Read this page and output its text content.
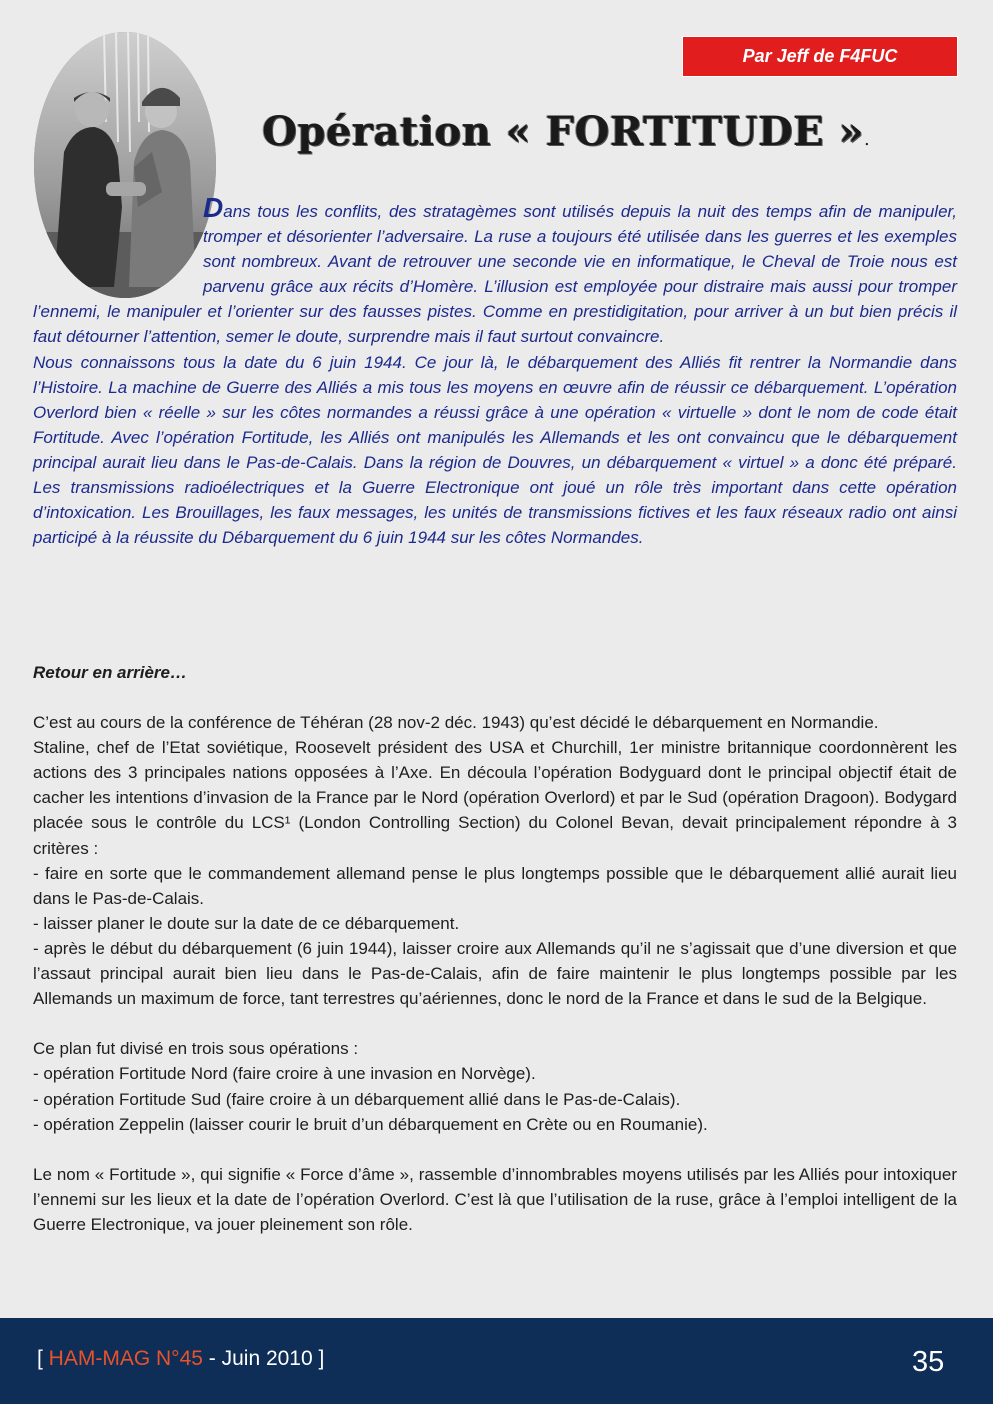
Par Jeff de F4FUC
Opération « FORTITUDE ».

Dans tous les conflits, des stratagèmes sont utilisés depuis la nuit des temps afin de manipuler, tromper et désorienter l’adversaire. La ruse a toujours été utilisée dans les guerres et les exemples sont nombreux. Avant de retrouver une seconde vie en informatique, le Cheval de Troie nous est parvenu grâce aux récits d’Homère. L’illusion est employée pour distraire mais aussi pour tromper l’ennemi, le manipuler et l’orienter sur des fausses pistes. Comme en prestidigitation, pour arriver à un but bien précis il faut détourner l’attention, semer le doute, surprendre mais il faut surtout convaincre.

Nous connaissons tous la date du 6 juin 1944. Ce jour là, le débarquement des Alliés fit rentrer la Normandie dans l’Histoire. La machine de Guerre des Alliés a mis tous les moyens en œuvre afin de réussir ce débarquement. L’opération Overlord bien « réelle » sur les côtes normandes a réussi grâce à une opération « virtuelle » dont le nom de code était Fortitude. Avec l’opération Fortitude, les Alliés ont manipulés les Allemands et les ont convaincu que le débarquement principal aurait lieu dans le Pas-de-Calais. Dans la région de Douvres, un débarquement « virtuel » a donc été préparé. Les transmissions radioélectriques et la Guerre Electronique ont joué un rôle très important dans cette opération d’intoxication. Les Brouillages, les faux messages, les unités de transmissions fictives et les faux réseaux radio ont ainsi participé à la réussite du Débarquement du 6 juin 1944 sur les côtes Normandes.

Retour en arrière…

C’est au cours de la conférence de Téhéran (28 nov-2 déc. 1943) qu’est décidé le débarquement en Normandie.

Staline, chef de l’Etat soviétique, Roosevelt président des USA et Churchill, 1er ministre britannique coordonnèrent les actions des 3 principales nations opposées à l’Axe. En découla l’opération Bodyguard dont le principal objectif était de cacher les intentions d’invasion de la France par le Nord (opération Overlord) et par le Sud (opération Dragoon). Bodygard placée sous le contrôle du LCS¹ (London Controlling Section) du Colonel Bevan, devait principalement répondre à 3 critères :

- faire en sorte que le commandement allemand pense le plus longtemps possible que le débarquement allié aurait lieu dans le Pas-de-Calais.

- laisser planer le doute sur la date de ce débarquement.

- après le début du débarquement (6 juin 1944), laisser croire aux Allemands qu’il ne s’agissait que d’une diversion et que l’assaut principal aurait bien lieu dans le Pas-de-Calais, afin de faire maintenir le plus longtemps possible par les Allemands un maximum de force, tant terrestres qu’aériennes, donc le nord de la France et dans le sud de la Belgique.

Ce plan fut divisé en trois sous opérations :

- opération Fortitude Nord (faire croire à une invasion en Norvège).

- opération Fortitude Sud (faire croire à un débarquement allié dans le Pas-de-Calais).

- opération Zeppelin (laisser courir le bruit d’un débarquement en Crète ou en Roumanie).

Le nom « Fortitude », qui signifie « Force d’âme », rassemble d’innombrables moyens utilisés par les Alliés pour intoxiquer l’ennemi sur les lieux et la date de l’opération Overlord. C’est là que l’utilisation de la ruse, grâce à l’emploi intelligent de la Guerre Electronique, va jouer pleinement son rôle.

[ HAM-MAG N°45 - Juin 2010 ]	35
